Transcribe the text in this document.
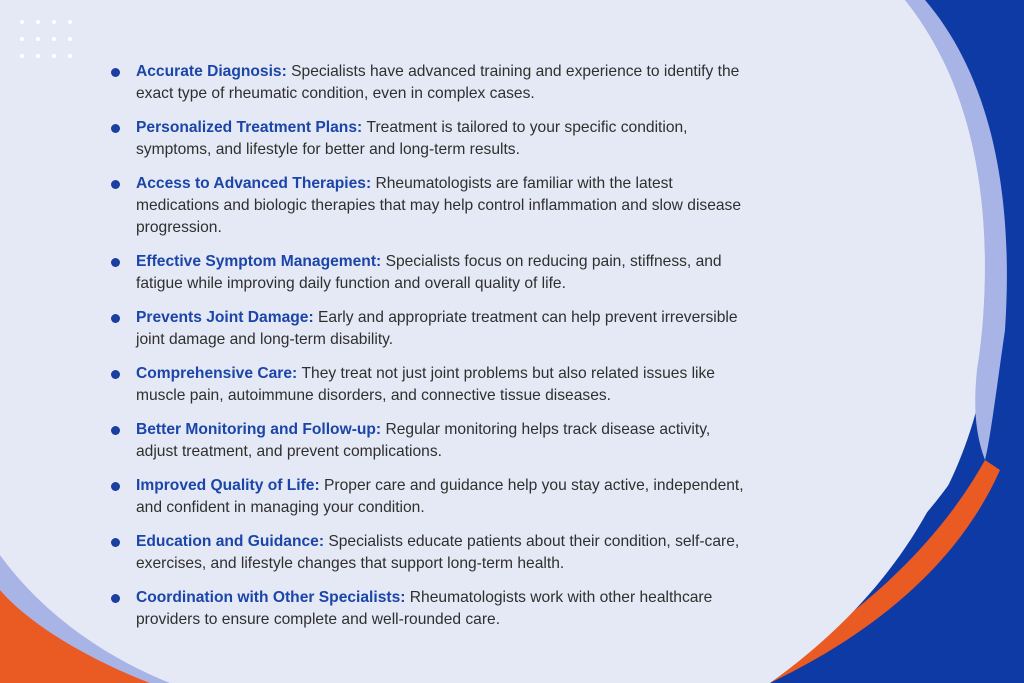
Accurate Diagnosis: Specialists have advanced training and experience to identify the exact type of rheumatic condition, even in complex cases.
Personalized Treatment Plans: Treatment is tailored to your specific condition, symptoms, and lifestyle for better and long-term results.
Access to Advanced Therapies: Rheumatologists are familiar with the latest medications and biologic therapies that may help control inflammation and slow disease progression.
Effective Symptom Management: Specialists focus on reducing pain, stiffness, and fatigue while improving daily function and overall quality of life.
Prevents Joint Damage: Early and appropriate treatment can help prevent irreversible joint damage and long-term disability.
Comprehensive Care: They treat not just joint problems but also related issues like muscle pain, autoimmune disorders, and connective tissue diseases.
Better Monitoring and Follow-up: Regular monitoring helps track disease activity, adjust treatment, and prevent complications.
Improved Quality of Life: Proper care and guidance help you stay active, independent, and confident in managing your condition.
Education and Guidance: Specialists educate patients about their condition, self-care, exercises, and lifestyle changes that support long-term health.
Coordination with Other Specialists: Rheumatologists work with other healthcare providers to ensure complete and well-rounded care.
